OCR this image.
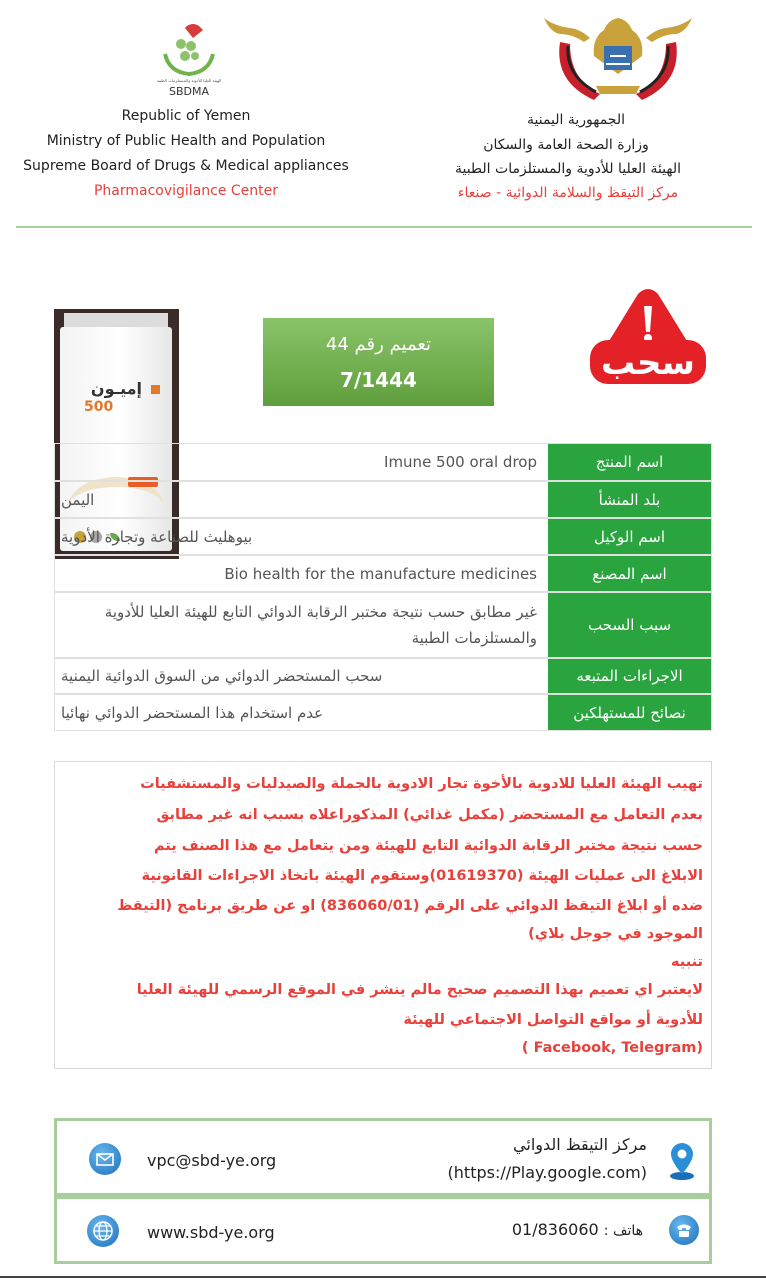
الهيئة العليا للأدوية والمستلزمات الطبية
SBDMA
Republic of Yemen
Ministry of Public Health and Population
Supreme Board of Drugs & Medical appliances
Pharmacovigilance Center
الجمهورية اليمنية
وزارة الصحة العامة والسكان
الهيئة العليا للأدوية والمستلزمات الطبية
مركز التيقظ والسلامة الدوائية - صنعاء
إميـون
500
تعميم رقم 44
7/1444	سحب
اسم المنتج
Imune 500 oral drop
بلد المنشأ
اليمن
اسم الوكيل
بيوهليث للصناعة وتجارة الأدوية
اسم المصنع
Bio health for the manufacture medicines
سبب السحب
غير مطابق حسب نتيجة مختبر الرقابة الدوائي التابع للهيئة العليا للأدوية والمستلزمات الطبية
الاجراءات المتبعه
سحب المستحضر الدوائي من السوق الدوائية اليمنية
نصائح للمستهلكين
عدم استخدام هذا المستحضر الدوائي نهائيا
تهيب الهيئة العليا للادوية بالأخوة تجار الادوية بالجملة والصيدليات والمستشفيات
بعدم التعامل مع المستحضر (مكمل غذائي) المذكوراعلاه بسبب انه غير مطابق
حسب نتيجة مختبر الرقابة الدوائية التابع للهيئة ومن يتعامل مع هذا الصنف يتم
الابلاغ الى عمليات الهيئة (01619370)وستقوم الهيئة باتخاذ الاجراءات القانونية
ضده أو ابلاغ التيقظ الدوائي على الرقم (836060/01) او عن طريق برنامج (التيقظ
الموجود في جوجل بلاي)
تنبيه
لايعتبر اي تعميم بهذا التصميم صحيح مالم ينشر في الموقع الرسمي للهيئة العليا
للأدوية أو مواقع التواصل الاجتماعي للهيئة
( Facebook, Telegram)
vpc@sbd-ye.org
مركز التيقظ الدوائي
(https://Play.google.com)
www.sbd-ye.org	هاتف : 01/836060
